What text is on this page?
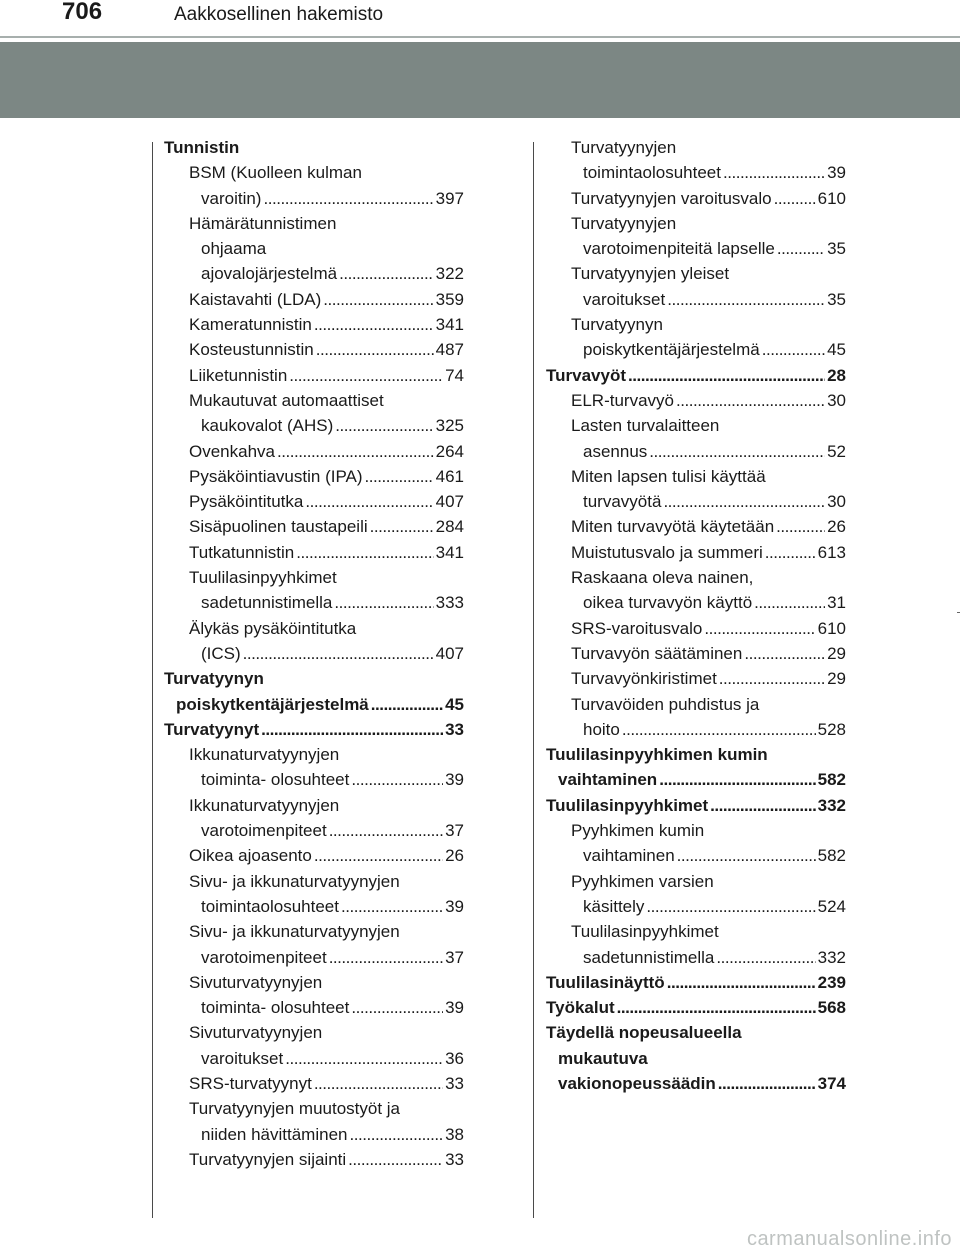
706	Aakkosellinen hakemisto
Tunnistin
BSM (Kuolleen kulman
varoitin) . . .	397
Hämärätunnistimen
ohjaama
ajovalojärjestelmä . . .	322
Kaistavahti (LDA) . . .	359
Kameratunnistin . . .	341
Kosteustunnistin . . .	487
Liiketunnistin . . .	74
Mukautuvat automaattiset
kaukovalot (AHS) . . .	325
Ovenkahva . . .	264
Pysäköintiavustin (IPA) . . .	461
Pysäköintitutka . . .	407
Sisäpuolinen taustapeili . . .	284
Tutkatunnistin . . .	341
Tuulilasinpyyhkimet
sadetunnistimella . . .	333
Älykäs pysäköintitutka
(ICS) . . .	407
Turvatyynyn
poiskytkentäjärjestelmä . . .	45
Turvatyynyt . . .	33
Ikkunaturvatyynyjen
toiminta- olosuhteet . . .	39
Ikkunaturvatyynyjen
varotoimenpiteet . . .	37
Oikea ajoasento . . .	26
Sivu- ja ikkunaturvatyynyjen
toimintaolosuhteet . . .	39
Sivu- ja ikkunaturvatyynyjen
varotoimenpiteet . . .	37
Sivuturvatyynyjen
toiminta- olosuhteet . . .	39
Sivuturvatyynyjen
varoitukset . . .	36
SRS-turvatyynyt . . .	33
Turvatyynyjen muutostyöt ja
niiden hävittäminen . . .	38
Turvatyynyjen sijainti . . .	33
Turvatyynyjen
toimintaolosuhteet . . .	39
Turvatyynyjen varoitusvalo . . .	610
Turvatyynyjen
varotoimenpiteitä lapselle . . .	35
Turvatyynyjen yleiset
varoitukset . . .	35
Turvatyynyn
poiskytkentäjärjestelmä . . .	45
Turvavyöt . . .	28
ELR-turvavyö . . .	30
Lasten turvalaitteen
asennus . . .	52
Miten lapsen tulisi käyttää
turvavyötä . . .	30
Miten turvavyötä käytetään . . .	26
Muistutusvalo ja summeri . . .	613
Raskaana oleva nainen,
oikea turvavyön käyttö . . .	31
SRS-varoitusvalo . . .	610
Turvavyön säätäminen . . .	29
Turvavyönkiristimet . . .	29
Turvavöiden puhdistus ja
hoito . . .	528
Tuulilasinpyyhkimen kumin
vaihtaminen . . .	582
Tuulilasinpyyhkimet . . .	332
Pyyhkimen kumin
vaihtaminen . . .	582
Pyyhkimen varsien
käsittely . . .	524
Tuulilasinpyyhkimet
sadetunnistimella . . .	332
Tuulilasinäyttö . . .	239
Työkalut . . .	568
Täydellä nopeusalueella
mukautuva
vakionopeussäädin . . .	374
carmanualsonline.info
